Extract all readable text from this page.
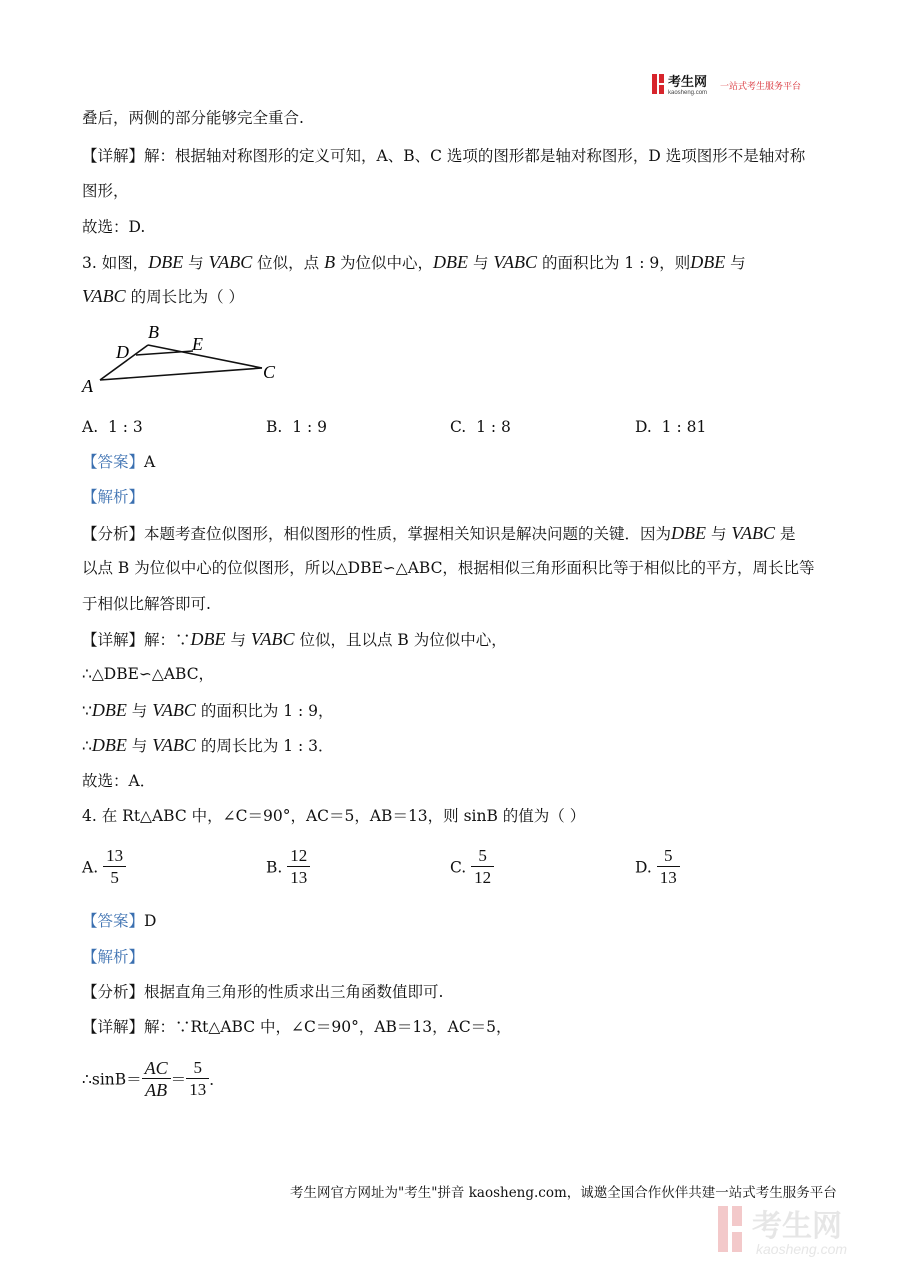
考生网
kaosheng.com
一站式考生服务平台
叠后，两侧的部分能够完全重合.
【详解】解：根据轴对称图形的定义可知，A、B、C 选项的图形都是轴对称图形，D 选项图形不是轴对称
图形，
故选：D.
3. 如图，DBE 与 VABC 位似，点 B 为位似中心，DBE 与 VABC 的面积比为 1 : 9，则DBE 与
VABC 的周长比为（ ）
B
D	E
A
C
A. 1 : 3	B. 1 : 9	C. 1 : 8	D. 1 : 81
【答案】A
【解析】
【分析】本题考查位似图形，相似图形的性质，掌握相关知识是解决问题的关键．因为DBE 与 VABC 是
以点 B 为位似中心的位似图形，所以△DBE∽△ABC，根据相似三角形面积比等于相似比的平方，周长比等
于相似比解答即可.
【详解】解：∵DBE 与 VABC 位似，且以点 B 为位似中心，
∴△DBE∽△ABC，
∵DBE 与 VABC 的面积比为 1 : 9，
∴DBE 与 VABC 的周长比为 1 : 3．
故选：A．
4. 在 Rt△ABC 中，∠C＝90°，AC＝5，AB＝13，则 sinB 的值为（ ）
A. $\frac{13}{5}$	B. $\frac{12}{13}$	C. $\frac{5}{12}$	D. $\frac{5}{13}$
【答案】D
【解析】
【分析】根据直角三角形的性质求出三角函数值即可.
【详解】解：∵Rt△ABC 中，∠C＝90°，AB＝13，AC＝5，
∴sinB＝ $\frac{AC}{AB} = \frac{5}{13}$ ．
考生网官方网址为"考生"拼音 kaosheng.com，诚邀全国合作伙伴共建一站式考生服务平台
考生网
kaosheng.com
